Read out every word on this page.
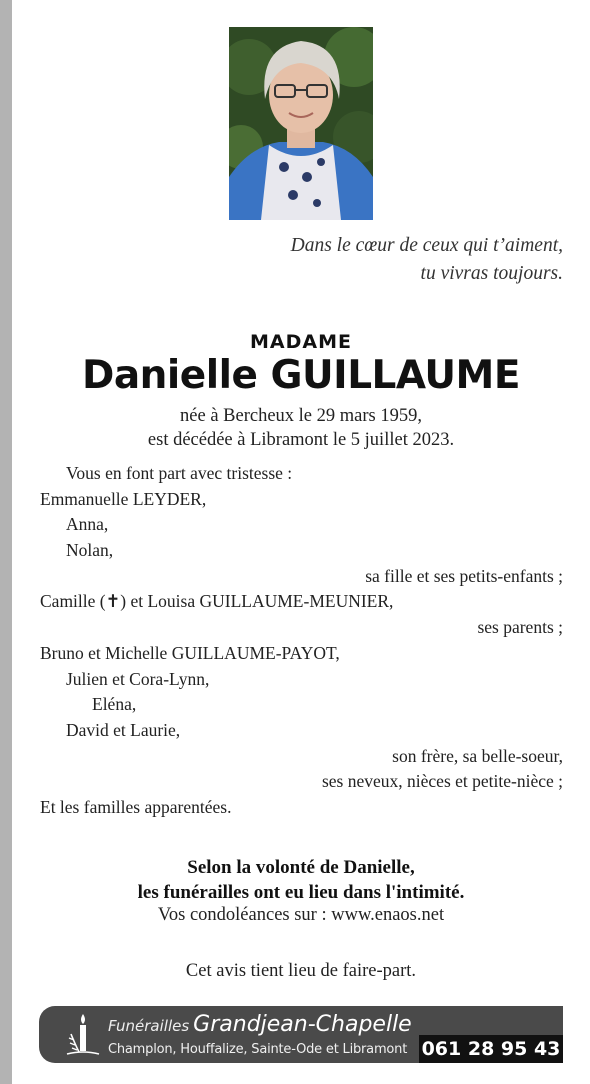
Dans le cœur de ceux qui t’aiment,
tu vivras toujours.
MADAME
Danielle GUILLAUME
née à Bercheux le 29 mars 1959,
est décédée à Libramont le 5 juillet 2023.
Vous en font part avec tristesse :
Emmanuelle LEYDER,
Anna,
Nolan,
sa fille et ses petits-enfants ;
Camille (✝) et Louisa GUILLAUME-MEUNIER,
ses parents ;
Bruno et Michelle GUILLAUME-PAYOT,
Julien et Cora-Lynn,
Eléna,
David et Laurie,
son frère, sa belle-soeur,
ses neveux, nièces et petite-nièce ;
Et les familles apparentées.
Selon la volonté de Danielle,
les funérailles ont eu lieu dans l'intimité.
Vos condoléances sur : www.enaos.net
Cet avis tient lieu de faire-part.
Funérailles Grandjean-Chapelle
Champlon, Houffalize, Sainte-Ode et Libramont 061 28 95 43
